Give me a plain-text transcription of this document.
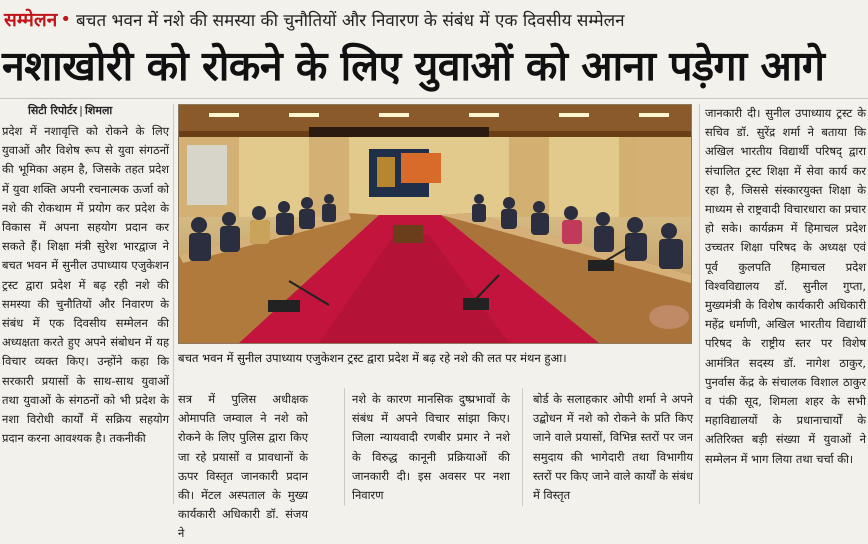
सम्मेलन • बचत भवन में नशे की समस्या की चुनौतियों और निवारण के संबंध में एक दिवसीय सम्मेलन
नशाखोरी को रोकने के लिए युवाओं को आना पड़ेगा आगे
सिटी रिपोर्टर | शिमला
प्रदेश में नशावृत्ति को रोकने के लिए युवाओं और विशेष रूप से युवा संगठनों की भूमिका अहम है, जिसके तहत प्रदेश में युवा शक्ति अपनी रचनात्मक ऊर्जा को नशे की रोकथाम में प्रयोग कर प्रदेश के विकास में अपना सहयोग प्रदान कर सकते हैं। शिक्षा मंत्री सुरेश भारद्वाज ने बचत भवन में सुनील उपाध्याय एजुकेशन ट्रस्ट द्वारा प्रदेश में बढ़ रही नशे की समस्या की चुनौतियों और निवारण के संबंध में एक दिवसीय सम्मेलन की अध्यक्षता करते हुए अपने संबोधन में यह विचार व्यक्त किए। उन्होंने कहा कि सरकारी प्रयासों के साथ-साथ युवाओं तथा युवाओं के संगठनों को भी प्रदेश के नशा विरोधी कार्यों में सक्रिय सहयोग प्रदान करना आवश्यक है। तकनीकी
बचत भवन में सुनील उपाध्याय एजुकेशन ट्रस्ट द्वारा प्रदेश में बढ़ रहे नशे की लत पर मंथन हुआ।
सत्र में पुलिस अधीक्षक ओमापति जम्वाल ने नशे को रोकने के लिए पुलिस द्वारा किए जा रहे प्रयासों व प्रावधानों के ऊपर विस्तृत जानकारी प्रदान की। मेंटल अस्पताल के मुख्य कार्यकारी अधिकारी डॉ. संजय ने
नशे के कारण मानसिक दुष्प्रभावों के संबंध में अपने विचार सांझा किए। जिला न्यायवादी रणबीर प्रमार ने नशे के विरुद्ध कानूनी प्रक्रियाओं की जानकारी दी। इस अवसर पर नशा निवारण
बोर्ड के सलाहकार ओपी शर्मा ने अपने उद्बोधन में नशे को रोकने के प्रति किए जाने वाले प्रयासों, विभिन्न स्तरों पर जन समुदाय की भागेदारी तथा विभागीय स्तरों पर किए जाने वाले कार्यों के संबंध में विस्तृत
जानकारी दी। सुनील उपाध्याय ट्रस्ट के सचिव डॉ. सुरेंद्र शर्मा ने बताया कि अखिल भारतीय विद्यार्थी परिषद् द्वारा संचालित ट्रस्ट शिक्षा में सेवा कार्य कर रहा है, जिससे संस्कारयुक्त शिक्षा के माध्यम से राष्ट्रवादी विचारधारा का प्रचार हो सके। कार्यक्रम में हिमाचल प्रदेश उच्चतर शिक्षा परिषद के अध्यक्ष एवं पूर्व कुलपति हिमाचल प्रदेश विश्वविद्यालय डॉ. सुनील गुप्ता, मुख्यमंत्री के विशेष कार्यकारी अधिकारी महेंद्र धर्माणी, अखिल भारतीय विद्यार्थी परिषद के राष्ट्रीय स्तर पर विशेष आमंत्रित सदस्य डॉ. नागेश ठाकुर, पुनर्वास केंद्र के संचालक विशाल ठाकुर व पंकी सूद, शिमला शहर के सभी महाविद्यालयों के प्रधानाचार्यों के अतिरिक्त बड़ी संख्या में युवाओं ने सम्मेलन में भाग लिया तथा चर्चा की।
